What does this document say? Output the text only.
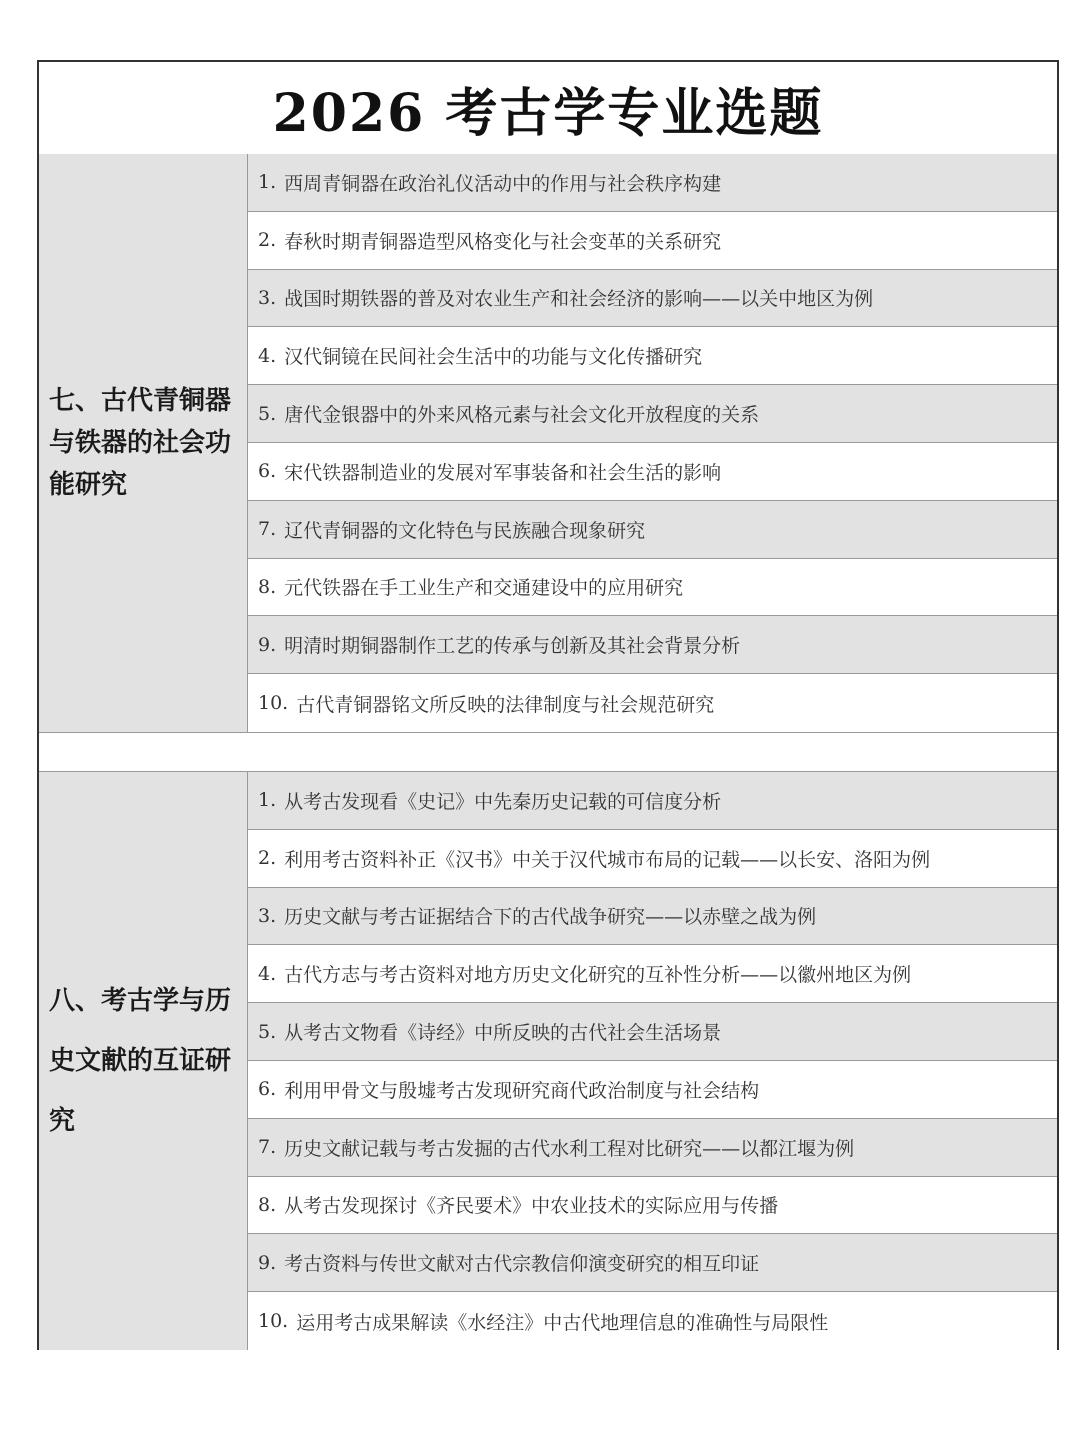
2026 考古学专业选题
七、古代青铜器与铁器的社会功能研究
1. 西周青铜器在政治礼仪活动中的作用与社会秩序构建
2. 春秋时期青铜器造型风格变化与社会变革的关系研究
3. 战国时期铁器的普及对农业生产和社会经济的影响——以关中地区为例
4. 汉代铜镜在民间社会生活中的功能与文化传播研究
5. 唐代金银器中的外来风格元素与社会文化开放程度的关系
6. 宋代铁器制造业的发展对军事装备和社会生活的影响
7. 辽代青铜器的文化特色与民族融合现象研究
8. 元代铁器在手工业生产和交通建设中的应用研究
9. 明清时期铜器制作工艺的传承与创新及其社会背景分析
10. 古代青铜器铭文所反映的法律制度与社会规范研究
八、考古学与历史文献的互证研究
1. 从考古发现看《史记》中先秦历史记载的可信度分析
2. 利用考古资料补正《汉书》中关于汉代城市布局的记载——以长安、洛阳为例
3. 历史文献与考古证据结合下的古代战争研究——以赤壁之战为例
4. 古代方志与考古资料对地方历史文化研究的互补性分析——以徽州地区为例
5. 从考古文物看《诗经》中所反映的古代社会生活场景
6. 利用甲骨文与殷墟考古发现研究商代政治制度与社会结构
7. 历史文献记载与考古发掘的古代水利工程对比研究——以都江堰为例
8. 从考古发现探讨《齐民要术》中农业技术的实际应用与传播
9. 考古资料与传世文献对古代宗教信仰演变研究的相互印证
10. 运用考古成果解读《水经注》中古代地理信息的准确性与局限性
